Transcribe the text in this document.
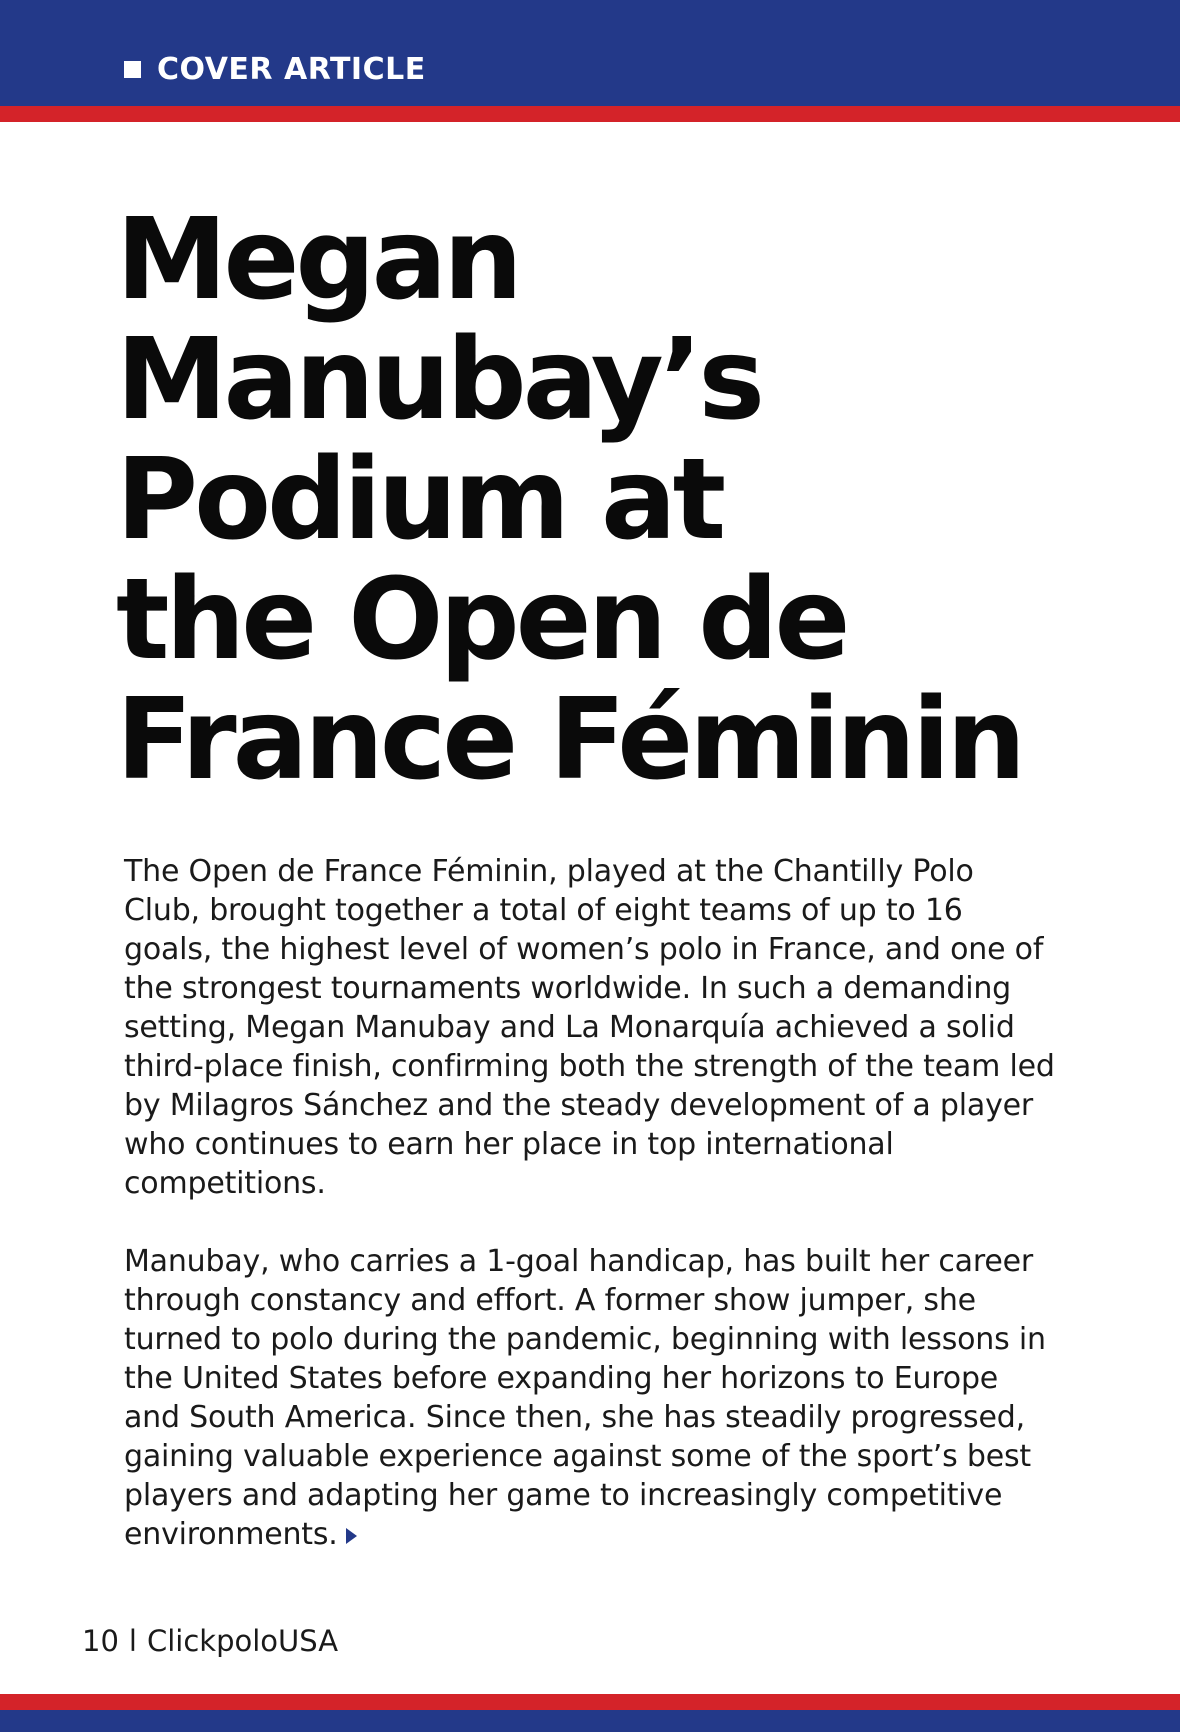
COVER ARTICLE
Megan
Manubay’s
Podium at
the Open de
France Féminin

The Open de France Féminin, played at the Chantilly Polo
Club, brought together a total of eight teams of up to 16
goals, the highest level of women’s polo in France, and one of
the strongest tournaments worldwide. In such a demanding
setting, Megan Manubay and La Monarquía achieved a solid
third-place finish, confirming both the strength of the team led
by Milagros Sánchez and the steady development of a player
who continues to earn her place in top international
competitions.

Manubay, who carries a 1-goal handicap, has built her career
through constancy and effort. A former show jumper, she
turned to polo during the pandemic, beginning with lessons in
the United States before expanding her horizons to Europe
and South America. Since then, she has steadily progressed,
gaining valuable experience against some of the sport’s best
players and adapting her game to increasingly competitive
environments.

10 l ClickpoloUSA
